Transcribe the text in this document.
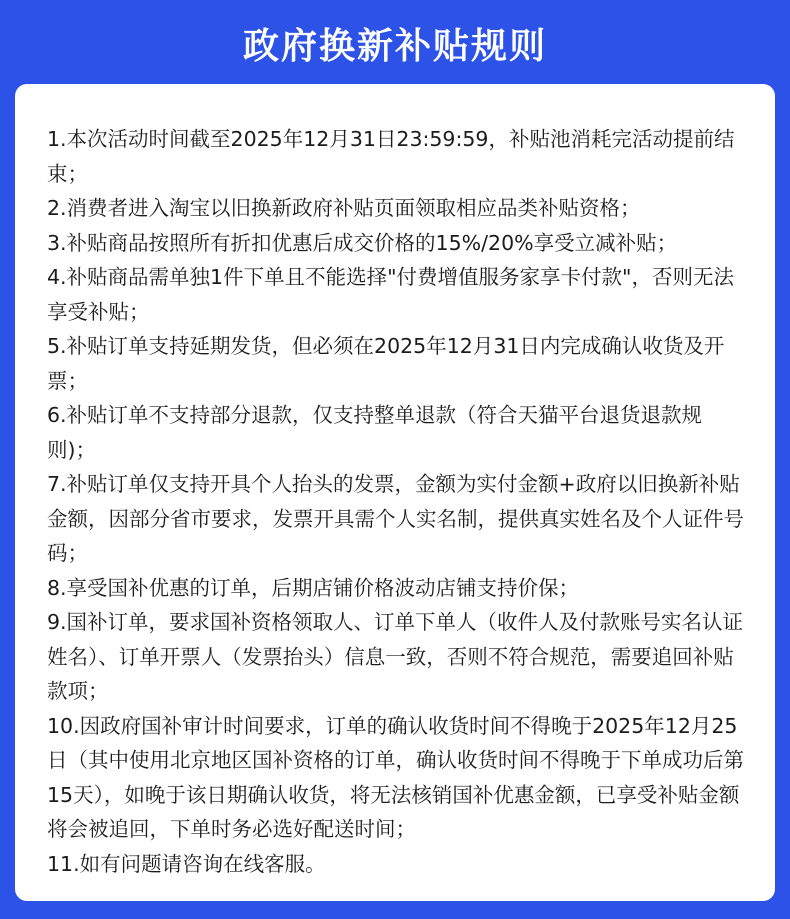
政府换新补贴规则

1.本次活动时间截至2025年12月31日23:59:59，补贴池消耗完活动提前结束；

2.消费者进入淘宝以旧换新政府补贴页面领取相应品类补贴资格；

3.补贴商品按照所有折扣优惠后成交价格的15%/20%享受立减补贴；

4.补贴商品需单独1件下单且不能选择"付费增值服务家享卡付款"，否则无法享受补贴；

5.补贴订单支持延期发货，但必须在2025年12月31日内完成确认收货及开票；

6.补贴订单不支持部分退款，仅支持整单退款（符合天猫平台退货退款规则)；

7.补贴订单仅支持开具个人抬头的发票，金额为实付金额+政府以旧换新补贴金额，因部分省市要求，发票开具需个人实名制，提供真实姓名及个人证件号码；

8.享受国补优惠的订单，后期店铺价格波动店铺支持价保；

9.国补订单，要求国补资格领取人、订单下单人（收件人及付款账号实名认证姓名）、订单开票人（发票抬头）信息一致，否则不符合规范，需要追回补贴款项；

10.因政府国补审计时间要求，订单的确认收货时间不得晚于2025年12月25日（其中使用北京地区国补资格的订单，确认收货时间不得晚于下单成功后第15天），如晚于该日期确认收货，将无法核销国补优惠金额，已享受补贴金额将会被追回，下单时务必选好配送时间；

11.如有问题请咨询在线客服。
